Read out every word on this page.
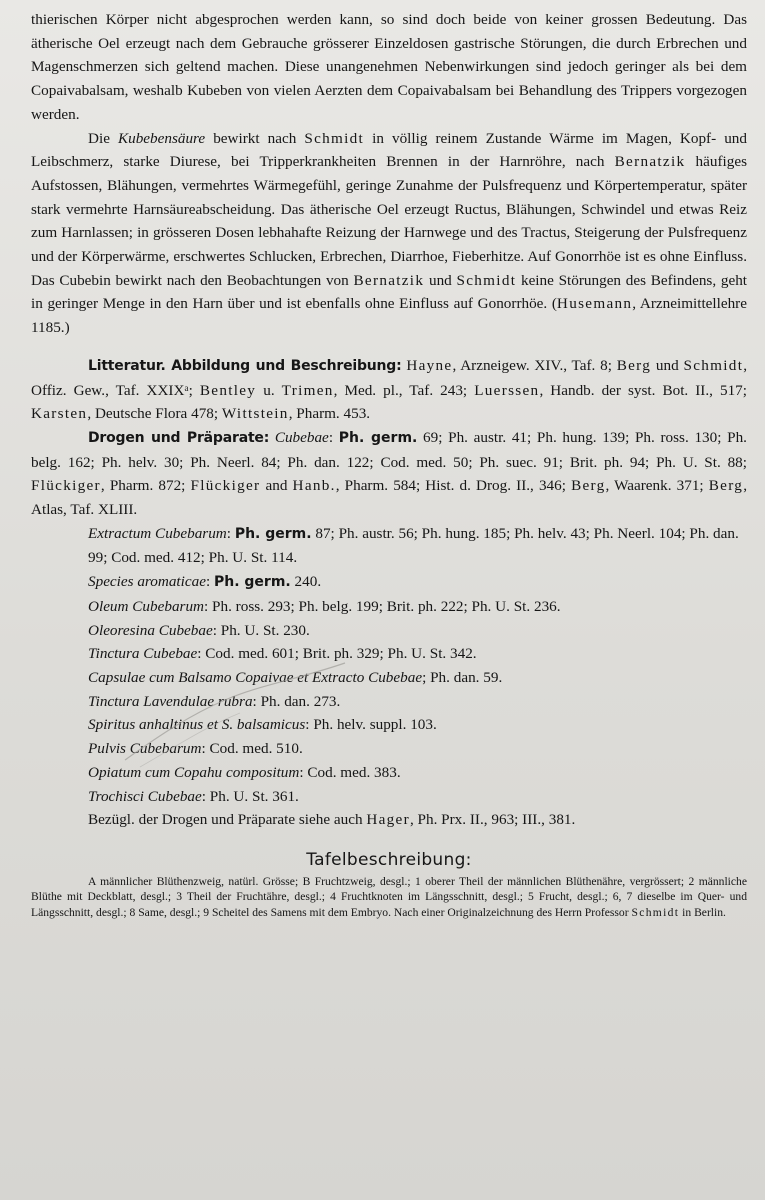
thierischen Körper nicht abgesprochen werden kann, so sind doch beide von keiner grossen Bedeutung. Das ätherische Oel erzeugt nach dem Gebrauche grösserer Einzeldosen gastrische Störungen, die durch Erbrechen und Magenschmerzen sich geltend machen. Diese unangenehmen Nebenwirkungen sind jedoch geringer als bei dem Copaivabalsam, weshalb Kubeben von vielen Aerzten dem Copaivabalsam bei Behandlung des Trippers vorgezogen werden.

Die Kubebensäure bewirkt nach Schmidt in völlig reinem Zustande Wärme im Magen, Kopf- und Leibschmerz, starke Diurese, bei Tripperkrankheiten Brennen in der Harnröhre, nach Bernatzik häufiges Aufstossen, Blähungen, vermehrtes Wärmegefühl, geringe Zunahme der Pulsfrequenz und Körpertemperatur, später stark vermehrte Harnsäureabscheidung. Das ätherische Oel erzeugt Ructus, Blähungen, Schwindel und etwas Reiz zum Harnlassen; in grösseren Dosen lebhahafte Reizung der Harnwege und des Tractus, Steigerung der Pulsfrequenz und der Körperwärme, erschwertes Schlucken, Erbrechen, Diarrhoe, Fieberhitze. Auf Gonorrhöe ist es ohne Einfluss. Das Cubebin bewirkt nach den Beobachtungen von Bernatzik und Schmidt keine Störungen des Befindens, geht in geringer Menge in den Harn über und ist ebenfalls ohne Einfluss auf Gonorrhöe. (Husemann, Arzneimittellehre 1185.)

Litteratur. Abbildung und Beschreibung: Hayne, Arzneigew. XIV., Taf. 8; Berg und Schmidt, Offiz. Gew., Taf. XXIXᵃ; Bentley u. Trimen, Med. pl., Taf. 243; Luerssen, Handb. der syst. Bot. II., 517; Karsten, Deutsche Flora 478; Wittstein, Pharm. 453.

Drogen und Präparate: Cubebae: Ph. germ. 69; Ph. austr. 41; Ph. hung. 139; Ph. ross. 130; Ph. belg. 162; Ph. helv. 30; Ph. Neerl. 84; Ph. dan. 122; Cod. med. 50; Ph. suec. 91; Brit. ph. 94; Ph. U. St. 88; Flückiger, Pharm. 872; Flückiger and Hanb., Pharm. 584; Hist. d. Drog. II., 346; Berg, Waarenk. 371; Berg, Atlas, Taf. XLIII.

Extractum Cubebarum: Ph. germ. 87; Ph. austr. 56; Ph. hung. 185; Ph. helv. 43; Ph. Neerl. 104; Ph. dan. 99; Cod. med. 412; Ph. U. St. 114.

Species aromaticae: Ph. germ. 240.

Oleum Cubebarum: Ph. ross. 293; Ph. belg. 199; Brit. ph. 222; Ph. U. St. 236.

Oleoresina Cubebae: Ph. U. St. 230.

Tinctura Cubebae: Cod. med. 601; Brit. ph. 329; Ph. U. St. 342.

Capsulae cum Balsamo Copaivae et Extracto Cubebae; Ph. dan. 59.

Tinctura Lavendulae rubra: Ph. dan. 273.

Spiritus anhaltinus et S. balsamicus: Ph. helv. suppl. 103.

Pulvis Cubebarum: Cod. med. 510.

Opiatum cum Copahu compositum: Cod. med. 383.

Trochisci Cubebae: Ph. U. St. 361.

Bezügl. der Drogen und Präparate siehe auch Hager, Ph. Prx. II., 963; III., 381.

Tafelbeschreibung:

A männlicher Blüthenzweig, natürl. Grösse; B Fruchtzweig, desgl.; 1 oberer Theil der männlichen Blüthenähre, vergrössert; 2 männliche Blüthe mit Deckblatt, desgl.; 3 Theil der Fruchtähre, desgl.; 4 Fruchtknoten im Längsschnitt, desgl.; 5 Frucht, desgl.; 6, 7 dieselbe im Quer- und Längsschnitt, desgl.; 8 Same, desgl.; 9 Scheitel des Samens mit dem Embryo. Nach einer Originalzeichnung des Herrn Professor Schmidt in Berlin.
